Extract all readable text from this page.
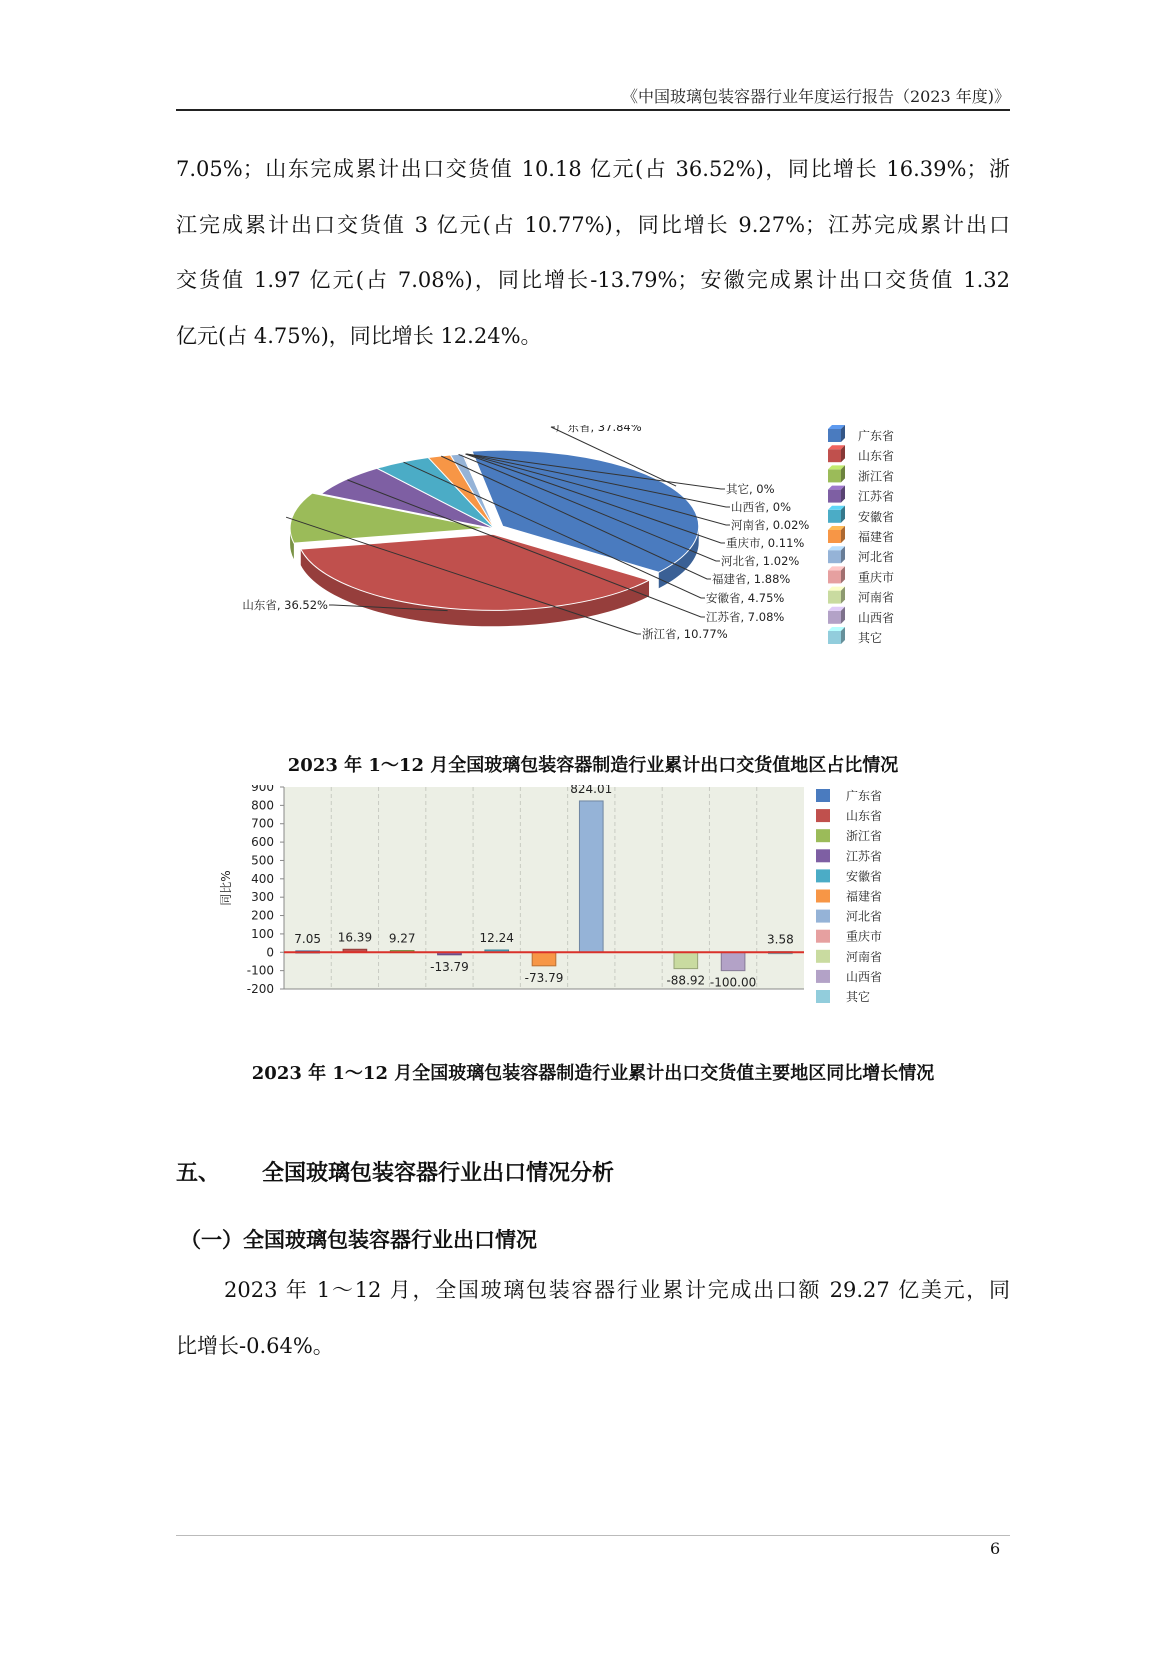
《中国玻璃包装容器行业年度运行报告（2023 年度)》
7.05%；山东完成累计出口交货值 10.18 亿元(占 36.52%)，同比增长 16.39%；浙
江完成累计出口交货值 3 亿元(占 10.77%)，同比增长 9.27%；江苏完成累计出口
交货值 1.97 亿元(占 7.08%)，同比增长-13.79%；安徽完成累计出口交货值 1.32
亿元(占 4.75%)，同比增长 12.24%。
广东省, 37.84%
山东省, 36.52%
浙江省, 10.77%
江苏省, 7.08%
安徽省, 4.75%
福建省, 1.88%
河北省, 1.02%
重庆市, 0.11%
河南省, 0.02%
山西省, 0%
其它, 0%
广东省
山东省
浙江省
江苏省
安徽省
福建省
河北省
重庆市
河南省
山西省
其它
2023 年 1～12 月全国玻璃包装容器制造行业累计出口交货值地区占比情况
900
800
700
600
500
400
300
200
100
0
-100
-200
同比%
7.05 16.39 9.27
-13.79
12.24
-73.79
824.01
-88.92 -100.00
3.58
广东省
山东省
浙江省
江苏省
安徽省
福建省
河北省
重庆市
河南省
山西省
其它
2023 年 1～12 月全国玻璃包装容器制造行业累计出口交货值主要地区同比增长情况
五、 全国玻璃包装容器行业出口情况分析
（一）全国玻璃包装容器行业出口情况
2023 年 1～12 月，全国玻璃包装容器行业累计完成出口额 29.27 亿美元，同
比增长-0.64%。
6
